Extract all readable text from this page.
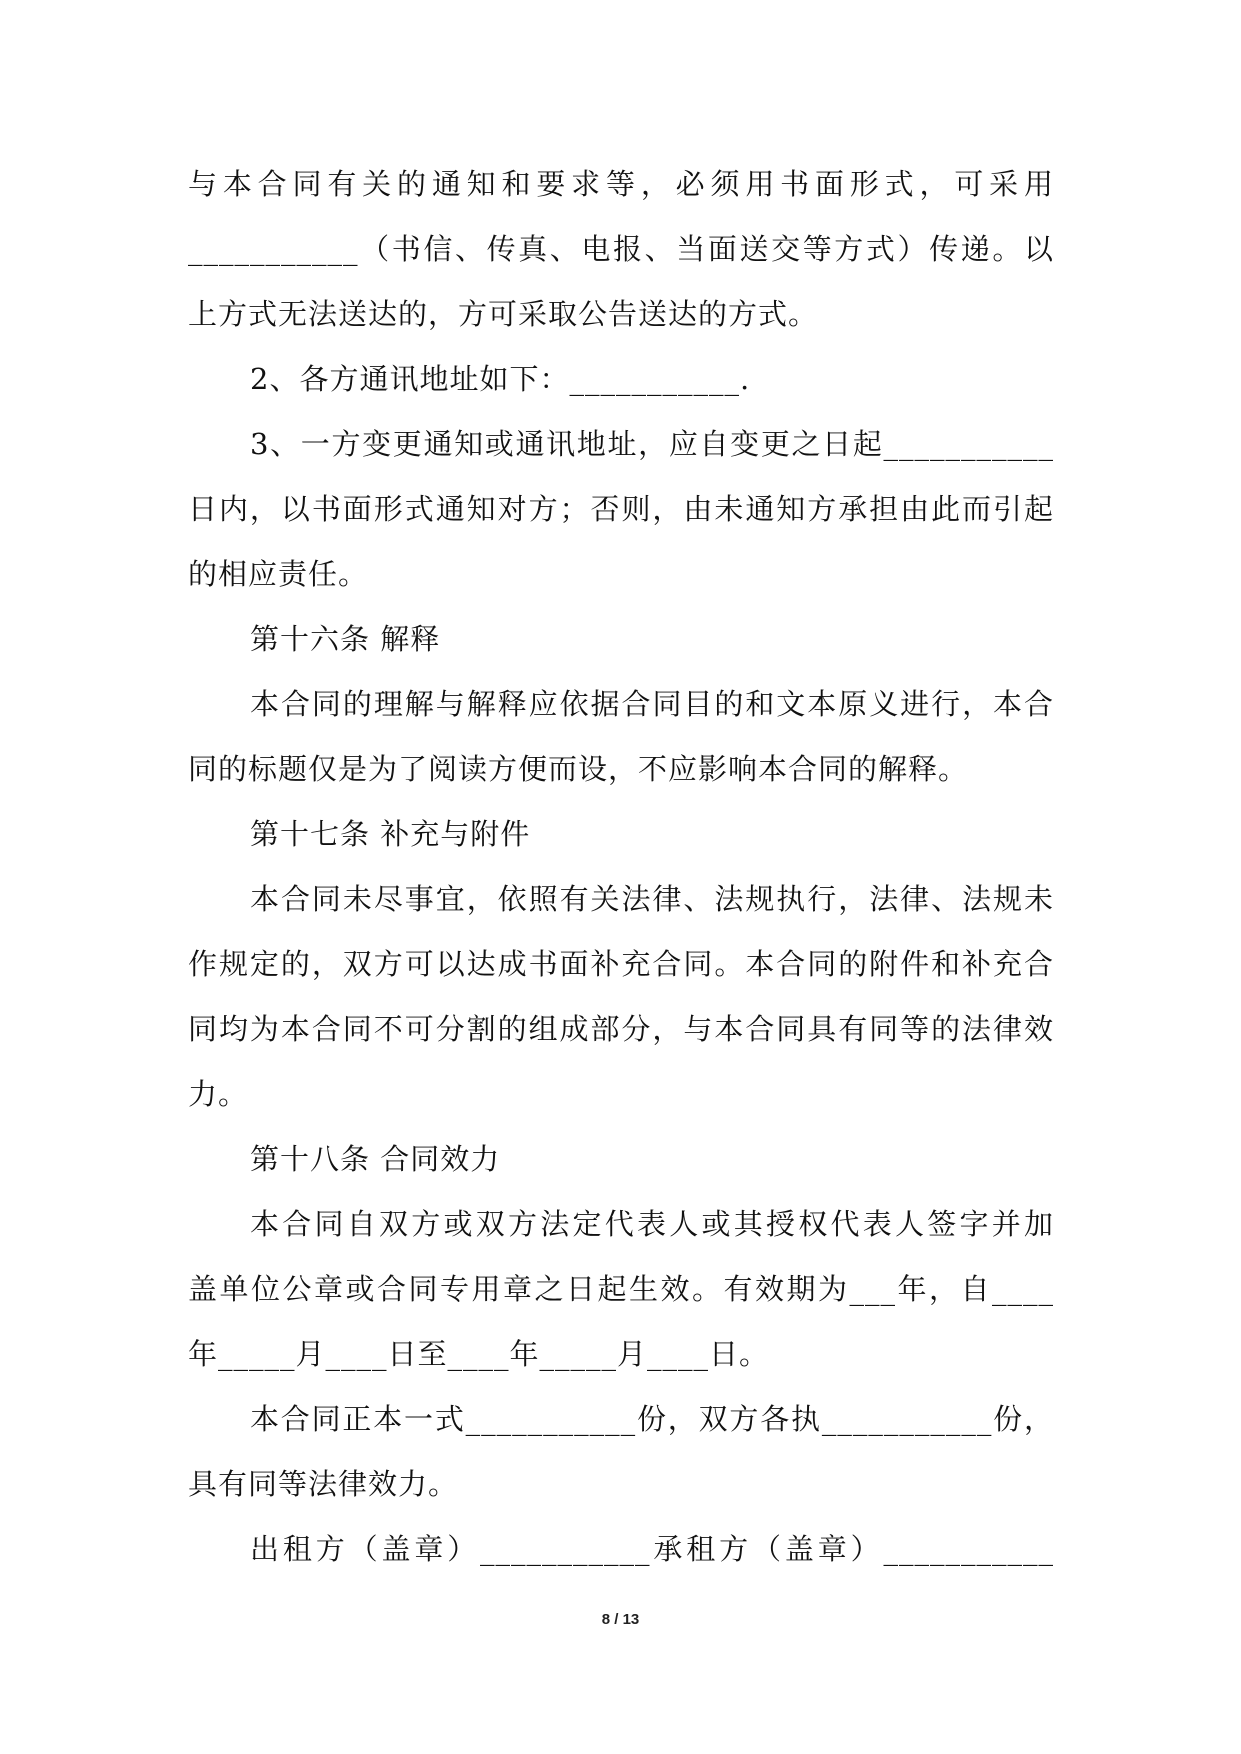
与本合同有关的通知和要求等，必须用书面形式，可采用
___________（书信、传真、电报、当面送交等方式）传递。以
上方式无法送达的，方可采取公告送达的方式。
2、各方通讯地址如下：___________.
3、一方变更通知或通讯地址，应自变更之日起___________
日内，以书面形式通知对方；否则，由未通知方承担由此而引起
的相应责任。
第十六条 解释
本合同的理解与解释应依据合同目的和文本原义进行，本合
同的标题仅是为了阅读方便而设，不应影响本合同的解释。
第十七条 补充与附件
本合同未尽事宜，依照有关法律、法规执行，法律、法规未
作规定的，双方可以达成书面补充合同。本合同的附件和补充合
同均为本合同不可分割的组成部分，与本合同具有同等的法律效
力。
第十八条 合同效力
本合同自双方或双方法定代表人或其授权代表人签字并加
盖单位公章或合同专用章之日起生效。有效期为___年，自____
年_____月____日至____年_____月____日。
本合同正本一式___________份，双方各执___________份，
具有同等法律效力。
出租方（盖章）___________承租方（盖章）___________
8 / 13
